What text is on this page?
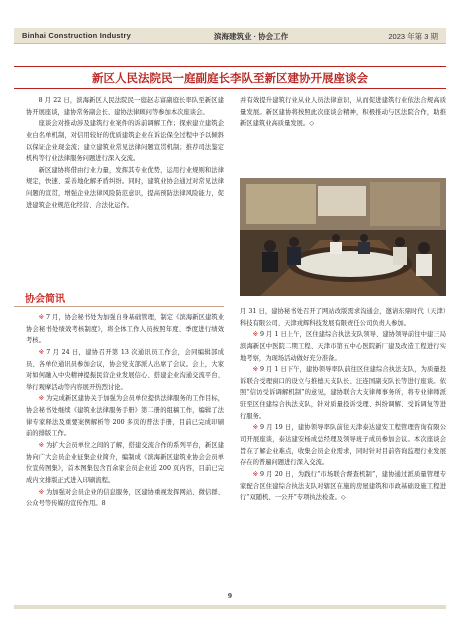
Binhai Construction Industry	滨海建筑业 · 协会工作	2023 年第 3 期
新区人民法院民一庭副庭长李队至新区建协开展座谈会

8 月 22 日，滨海新区人民法院民一庭赵志富副庭长率队至新区建协开展座谈，建协常务副会长、建协法律顾问等参加本次座谈会。

座谈会对推动涉及建筑行业案件的诉前调解工作；探索建立建筑企业白名单机制，对信用较好的优质建筑企业在诉讼保全过程中予以倾斜以保证企业现金流；建立建筑业常见法律问题宣贯机制；推荐司法鉴定机构等行业法律服务问题进行深入交流。

新区建协将借由行业力量，发挥其专业优势，运用行业规则和法律规定，快速、妥善地化解矛盾纠纷。同时，建筑业协会通过对常见法律问题的宣贯，增强企业法律风险防范意识，提高预防法律风险能力，促进建筑企业规范化经营、合法化运作。

并有效提升建筑行业从业人员法律意识，从而促进建筑行业依法合规高质量发展。新区建协将按照此次座谈会精神，积极推动与区法院合作，助推新区建筑业高质量发展。◇

月 31 日，建协秘书处召开了网站改版需求沟通会，邀请东鼎时代（天津）科技有限公司、天津戎辉科技发展有限责任公司负责人参加。

※ 9 月 1 日上午，区住建综合执法支队领导、建协领导前往中建三局滨海新区中医院二期工程、天津市第五中心医院新厂建及改造工程进行实地考察，为现场活动做好充分准备。

※ 9 月 1 日下午，建协领导率队前往区住建综合执法支队，为质量投诉联合受理窗口的设立与推德天支队长、汪连国副支队长等进行座谈。依照“信访受诉调解机制”的意见，建协联合大支律师事务所，将专业律师派驻至区住建综合执法支队，针对质量投诉受理、纠纷调解、受诉调复等进行服务。

※ 9 月 19 日，建协领导率队前往天津泰达建安工程管理咨询有限公司开展座谈，泰达建安杨成总经理及领导班子成员参加会议。本次座谈会旨在了解企业难点，收集会员企业需求，同时针对目前咨询监理行业发展存在的普遍问题进行深入交流。

※ 9 月 20 日，为践行“市场联合督查机制”，建协通过派质量管理专家配合区住建综合执法支队对辖区在施的房屋建筑和市政基础设施工程进行“双随机、一公开”专项执法检查。◇

协会简讯

※ 7 月，协会秘书处为加强自身基础管理，制定《滨海新区建筑业协会秘书处绩效考核制度》，将全体工作人员按照年度、季度进行绩效考核。

※ 7 月 24 日，建协召开第 13 次通讯员工作会，会同编辑部成员、各单位通讯员参加会议，协会党支部派人出席了会议。会上，大家对如何融入中央精神提振民营企业发展信心、搭建企业沟通交流平台、举行观摩活动等内容展开热烈讨论。

※ 为完成新区建协关于加强为会员单位提供法律服务的工作目标，协会秘书处继续《建筑业法律服务手册》第二册的组稿工作，编辑了法律专家释法及重要案例解析等 200 多页的普法手册，目前已完成印刷前的排版工作。

※ 为扩大会员单位之间的了解，搭建交流合作的系列平台，新区建协向广大会员企业征集企业简介，编制成《滨海新区建筑业协会会员单位宣传图集》，首本图集包含百余家会员企业近 200 页内容，目前已完成内文排版正式进入印刷流程。

※ 为加强对会员企业的信息服务，区建协重视发挥网站、微信群、公众号等传媒的宣传作用。8

9
